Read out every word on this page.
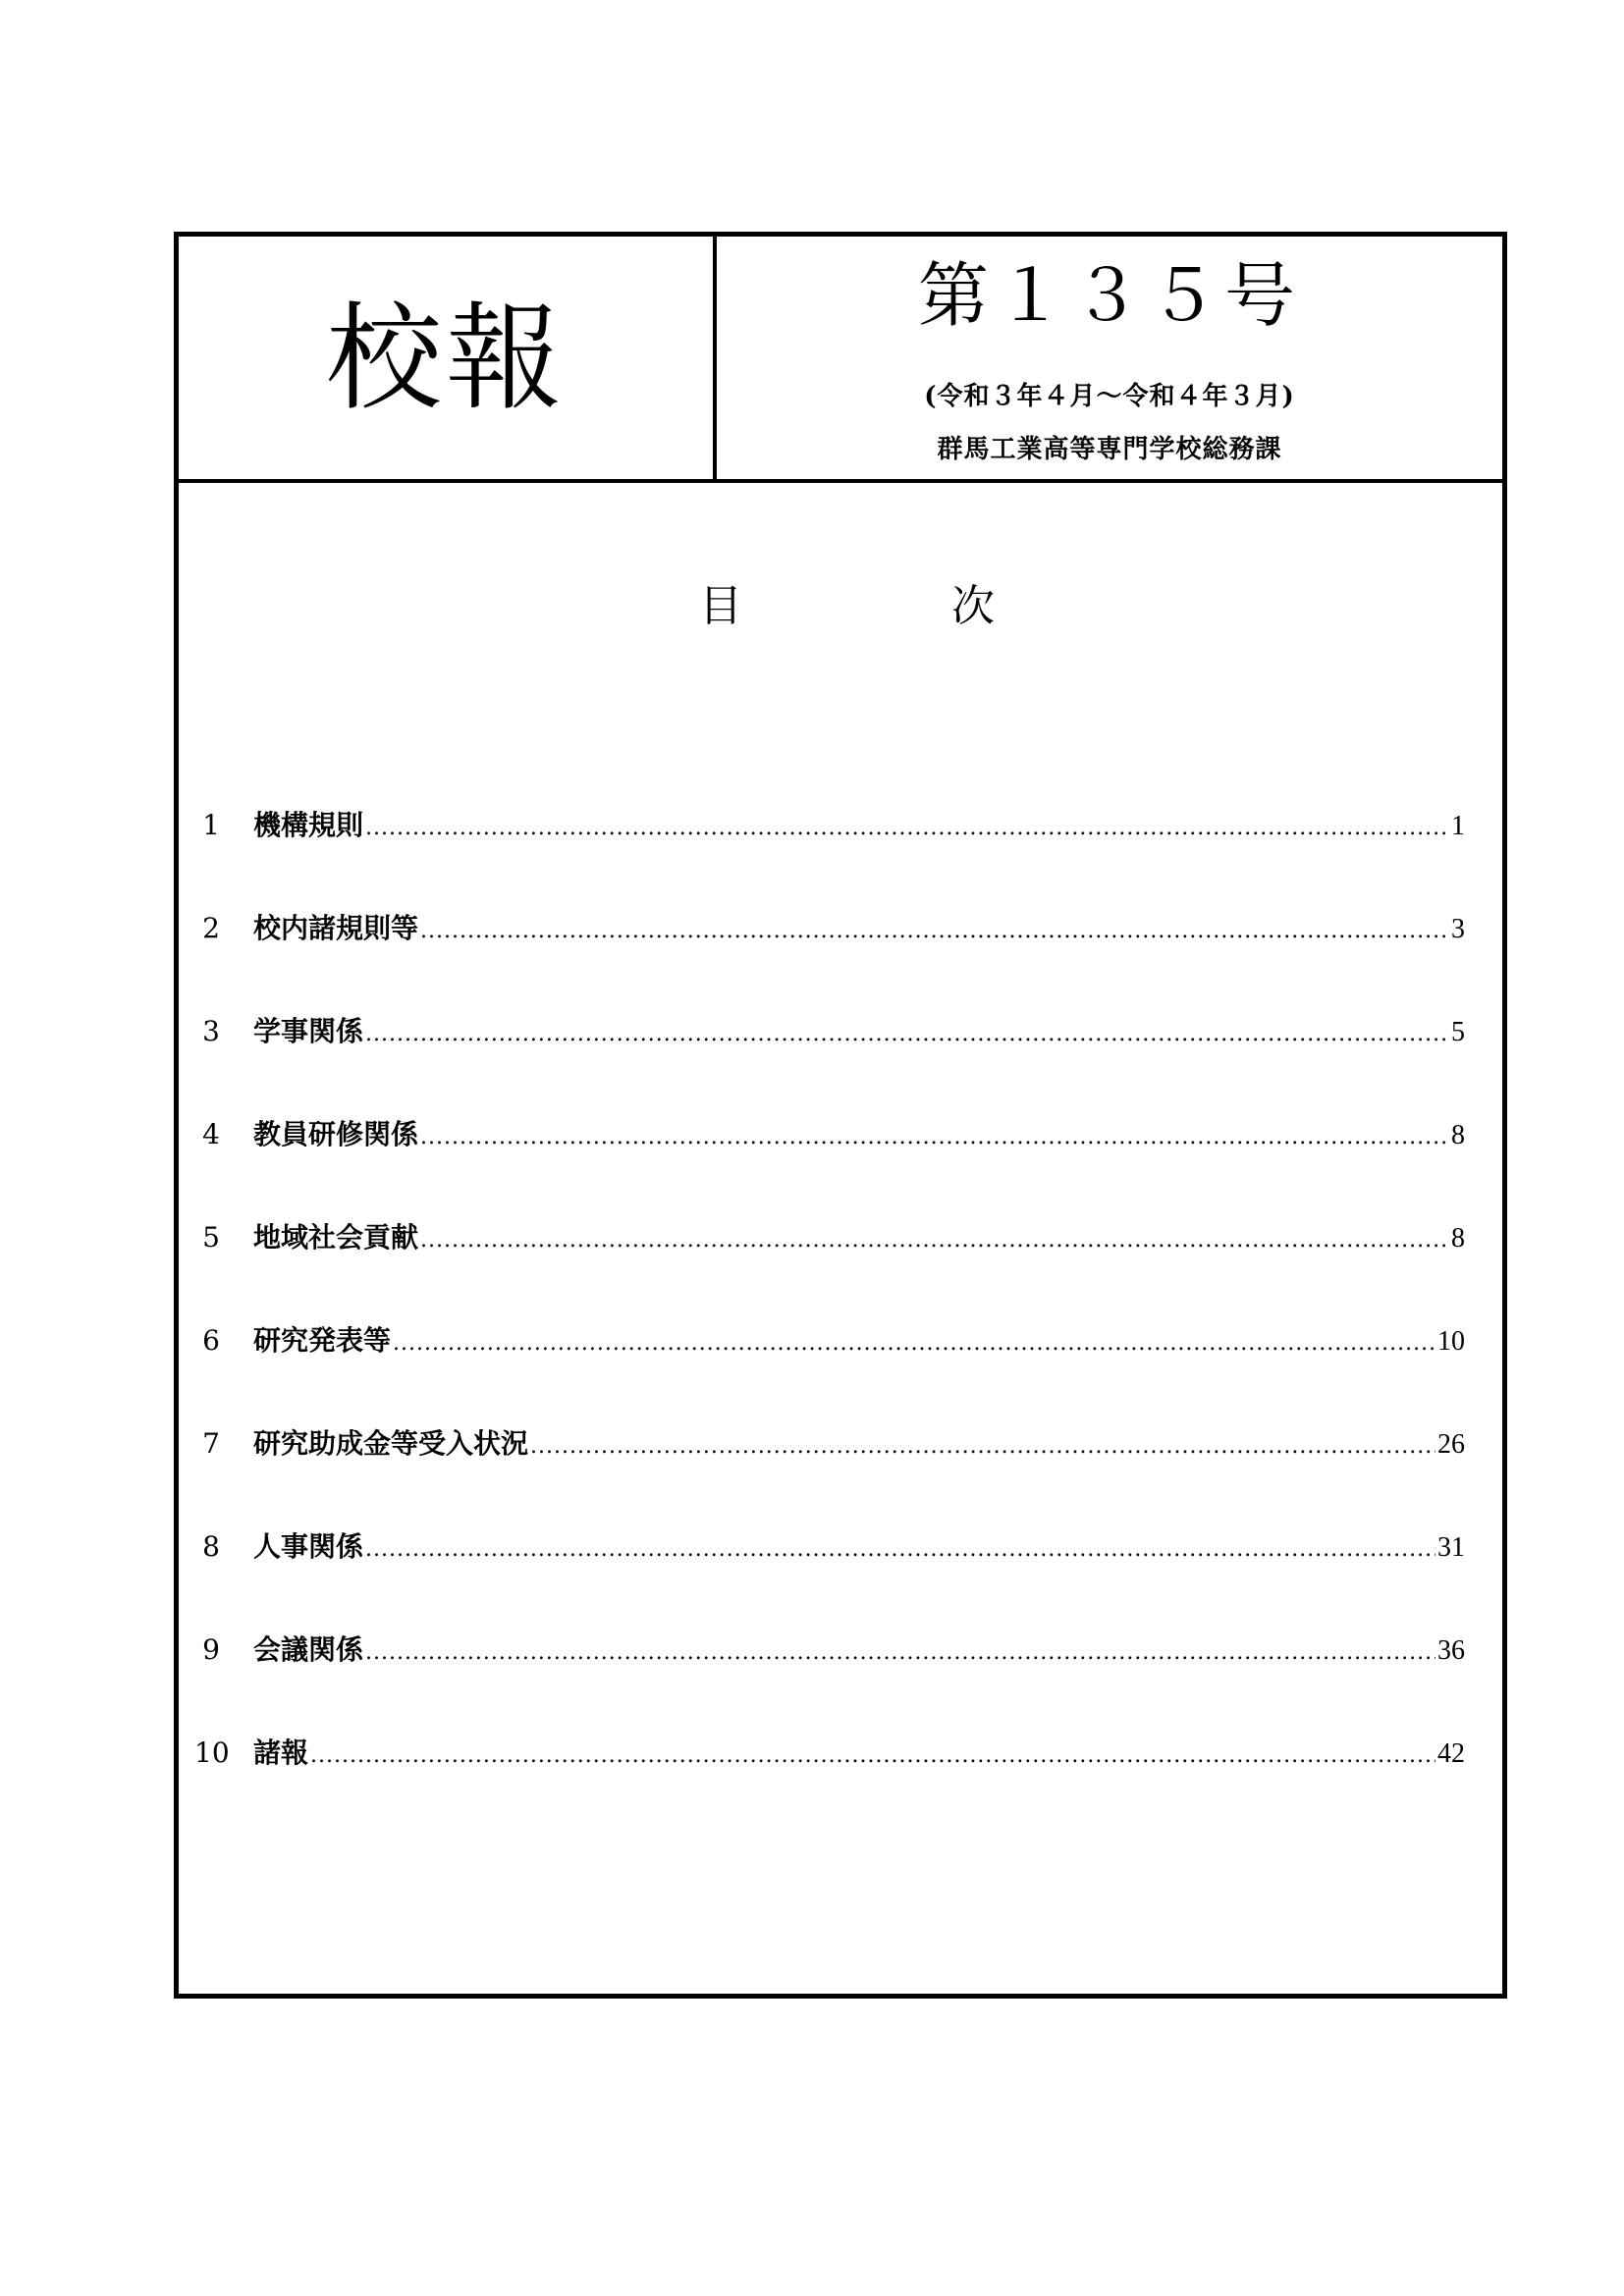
校報	第１３５号
(令和３年４月～令和４年３月)
群馬工業高等専門学校総務課
目	次
1 機構規則 .....	1
2 校内諸規則等 .....	3
3 学事関係 .....	5
4 教員研修関係 .....	8
5 地域社会貢献 .....	8
6 研究発表等 .....	10
7 研究助成金等受入状況 .....	26
8 人事関係 .....	31
9 会議関係 .....	36
10 諸報 .....	42
